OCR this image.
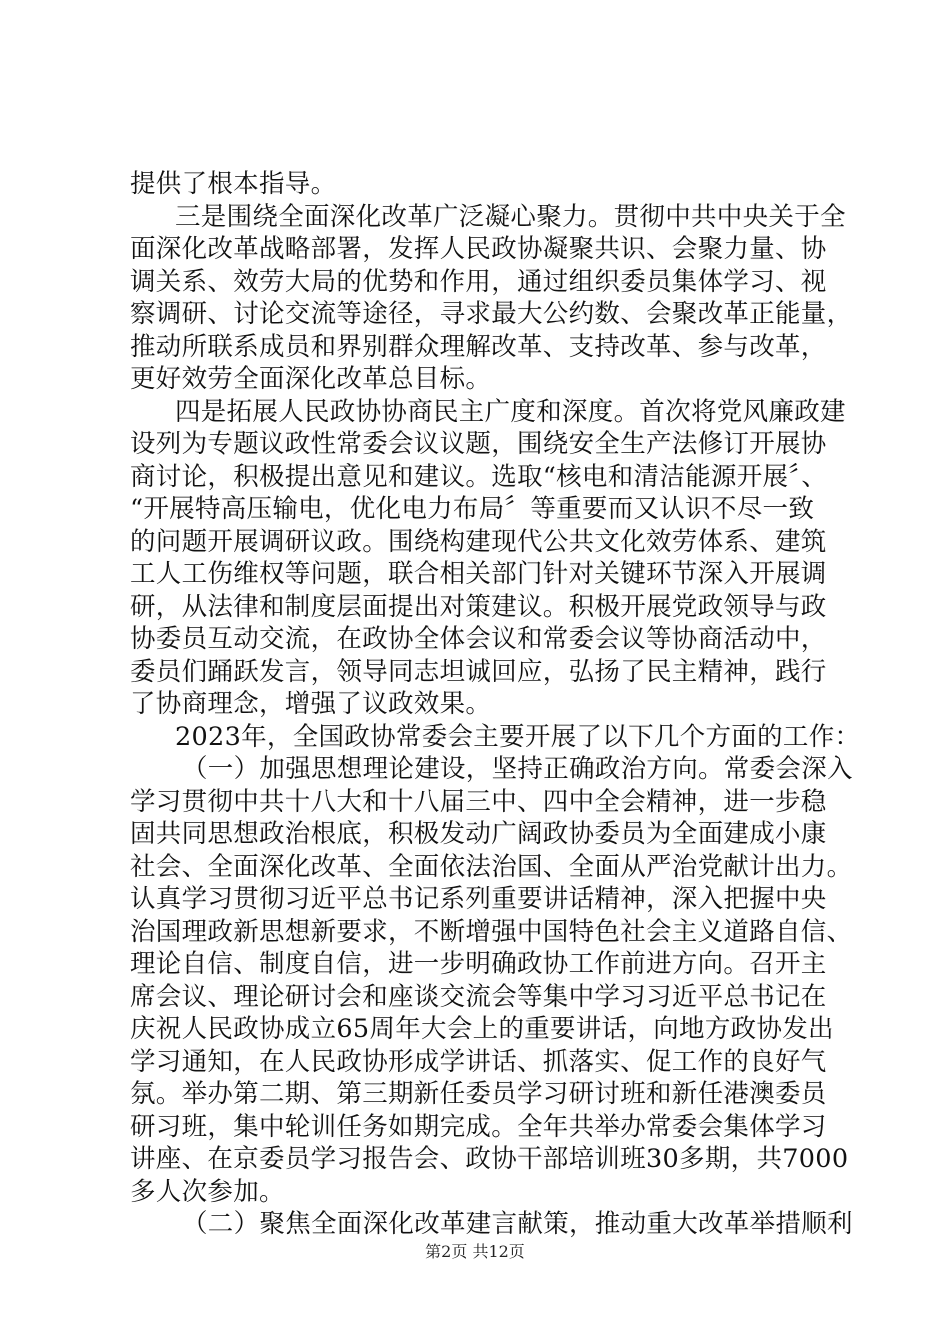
提供了根本指导。
三是围绕全面深化改革广泛凝心聚力。贯彻中共中央关于全
面深化改革战略部署，发挥人民政协凝聚共识、会聚力量、协
调关系、效劳大局的优势和作用，通过组织委员集体学习、视
察调研、讨论交流等途径，寻求最大公约数、会聚改革正能量，
推动所联系成员和界别群众理解改革、支持改革、参与改革，
更好效劳全面深化改革总目标。
四是拓展人民政协协商民主广度和深度。首次将党风廉政建
设列为专题议政性常委会议议题，围绕安全生产法修订开展协
商讨论，积极提出意见和建议。选取“核电和清洁能源开展〞、
“开展特高压输电，优化电力布局〞等重要而又认识不尽一致
的问题开展调研议政。围绕构建现代公共文化效劳体系、建筑
工人工伤维权等问题，联合相关部门针对关键环节深入开展调
研，从法律和制度层面提出对策建议。积极开展党政领导与政
协委员互动交流，在政协全体会议和常委会议等协商活动中，
委员们踊跃发言，领导同志坦诚回应，弘扬了民主精神，践行
了协商理念，增强了议政效果。
2023年，全国政协常委会主要开展了以下几个方面的工作：
（一）加强思想理论建设，坚持正确政治方向。常委会深入
学习贯彻中共十八大和十八届三中、四中全会精神，进一步稳
固共同思想政治根底，积极发动广阔政协委员为全面建成小康
社会、全面深化改革、全面依法治国、全面从严治党献计出力。
认真学习贯彻习近平总书记系列重要讲话精神，深入把握中央
治国理政新思想新要求，不断增强中国特色社会主义道路自信、
理论自信、制度自信，进一步明确政协工作前进方向。召开主
席会议、理论研讨会和座谈交流会等集中学习习近平总书记在
庆祝人民政协成立65周年大会上的重要讲话，向地方政协发出
学习通知，在人民政协形成学讲话、抓落实、促工作的良好气
氛。举办第二期、第三期新任委员学习研讨班和新任港澳委员
研习班，集中轮训任务如期完成。全年共举办常委会集体学习
讲座、在京委员学习报告会、政协干部培训班30多期，共7000
多人次参加。
（二）聚焦全面深化改革建言献策，推动重大改革举措顺利
第2页 共12页
